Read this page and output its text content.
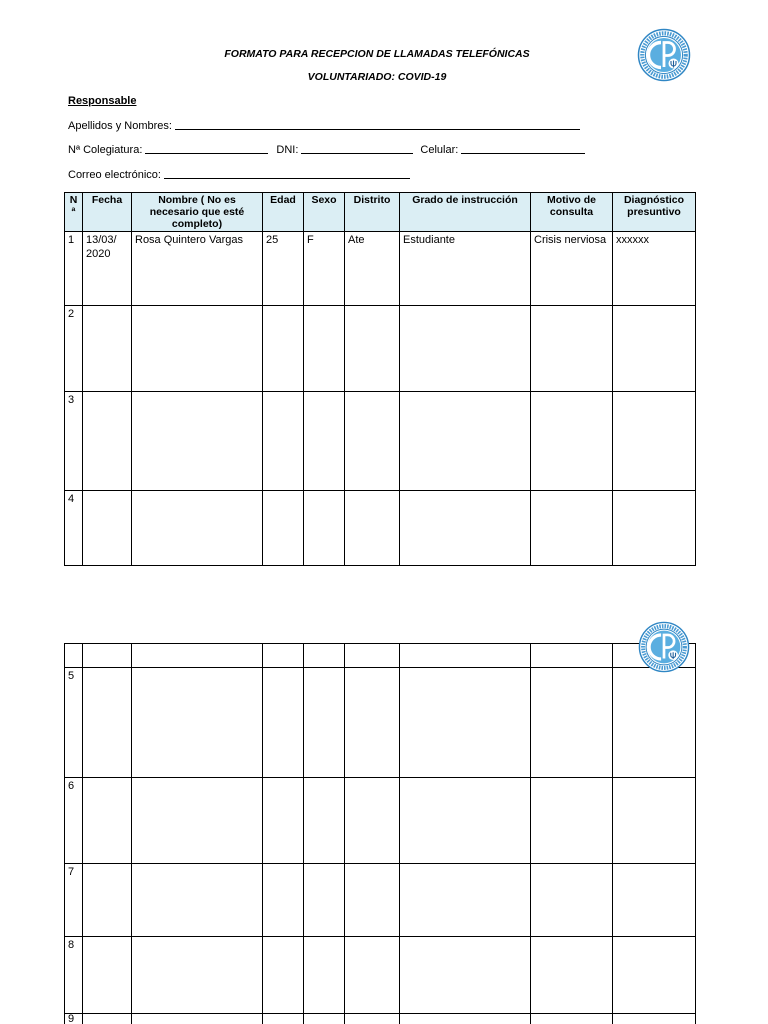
FORMATO PARA RECEPCION DE LLAMADAS TELEFÓNICAS
VOLUNTARIADO: COVID-19
Responsable
Apellidos y Nombres:
Nª Colegiatura:	DNI:	Celular:
Correo electrónico:
Nª	Fecha	Nombre ( No es necesario que esté completo)	Edad	Sexo	Distrito	Grado de instrucción	Motivo de consulta	Diagnóstico presuntivo
1	13/03/2020	Rosa Quintero Vargas	25	F	Ate	Estudiante	Crisis nerviosa	xxxxxx
2								
3								
4								

5								
6								
7								
8								
9								
